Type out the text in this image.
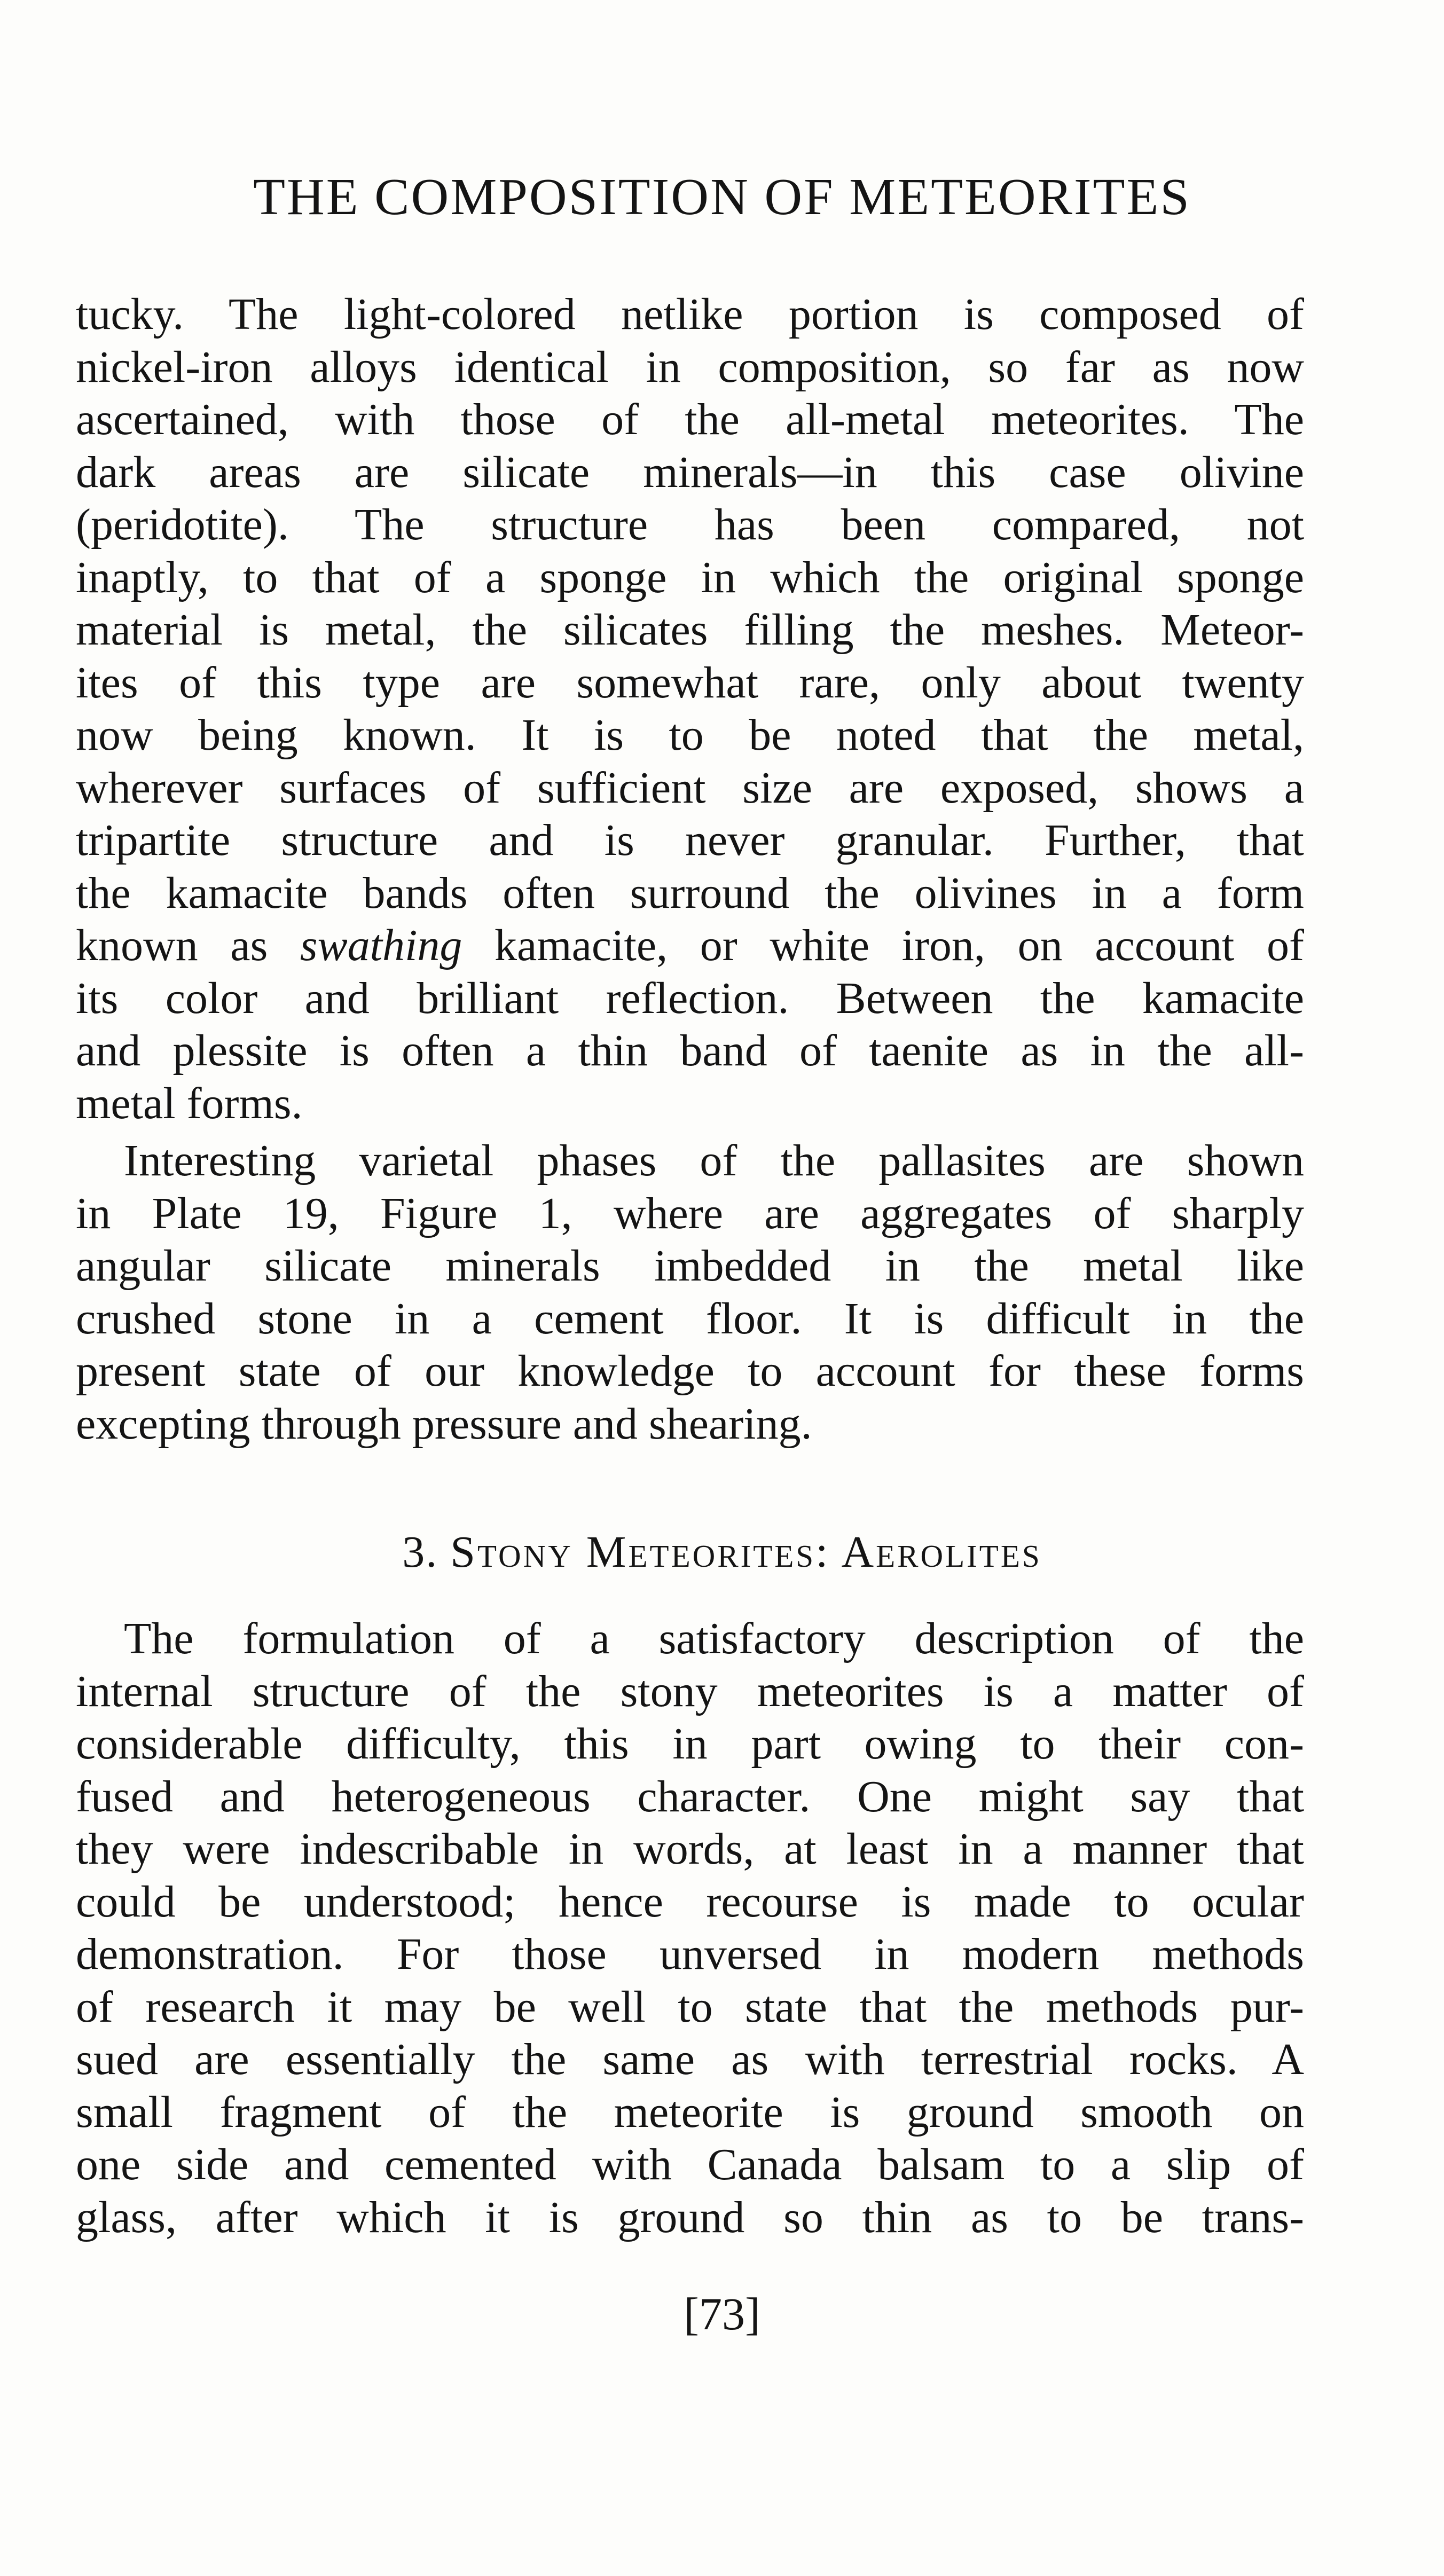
THE COMPOSITION OF METEORITES
tucky. The light-colored netlike portion is composed of
nickel-iron alloys identical in composition, so far as now
ascertained, with those of the all-metal meteorites. The
dark areas are silicate minerals—in this case olivine
(peridotite). The structure has been compared, not
inaptly, to that of a sponge in which the original sponge
material is metal, the silicates filling the meshes. Meteor-
ites of this type are somewhat rare, only about twenty
now being known. It is to be noted that the metal,
wherever surfaces of sufficient size are exposed, shows a
tripartite structure and is never granular. Further, that
the kamacite bands often surround the olivines in a form
known as swathing kamacite, or white iron, on account of
its color and brilliant reflection. Between the kamacite
and plessite is often a thin band of taenite as in the all-
metal forms.
Interesting varietal phases of the pallasites are shown
in Plate 19, Figure 1, where are aggregates of sharply
angular silicate minerals imbedded in the metal like
crushed stone in a cement floor. It is difficult in the
present state of our knowledge to account for these forms
excepting through pressure and shearing.
3. Stony Meteorites: Aerolites
The formulation of a satisfactory description of the
internal structure of the stony meteorites is a matter of
considerable difficulty, this in part owing to their con-
fused and heterogeneous character. One might say that
they were indescribable in words, at least in a manner that
could be understood; hence recourse is made to ocular
demonstration. For those unversed in modern methods
of research it may be well to state that the methods pur-
sued are essentially the same as with terrestrial rocks. A
small fragment of the meteorite is ground smooth on
one side and cemented with Canada balsam to a slip of
glass, after which it is ground so thin as to be trans-
[73]
